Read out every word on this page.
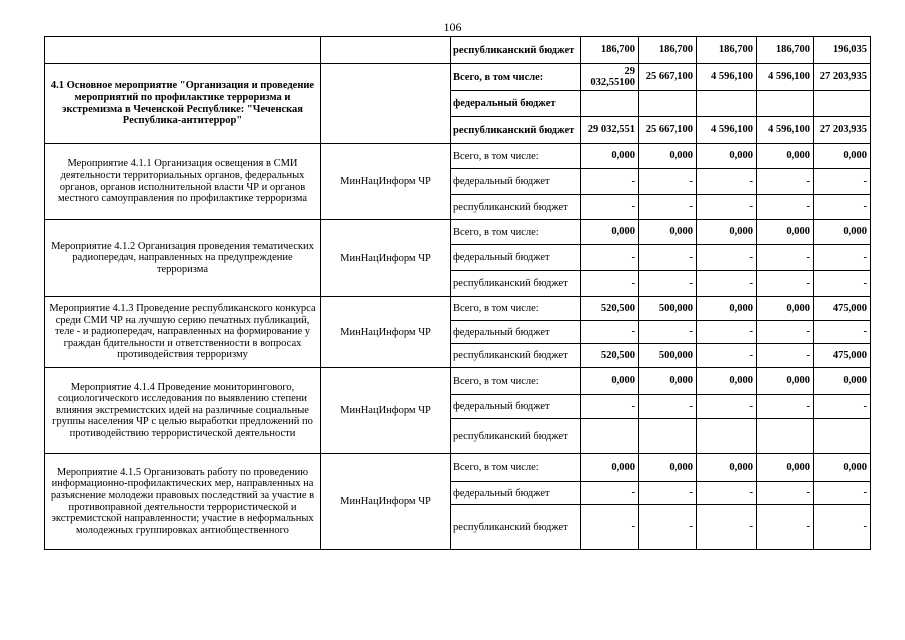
106
		республиканский бюджет	186,700	186,700	186,700	186,700	196,035
4.1 Основное мероприятие "Организация и проведение мероприятий по профилактике терроризма и экстремизма в Чеченской Республике: "Чеченская Республика-антитеррор"		Всего, в том числе:	29 032,55100	25 667,100	4 596,100	4 596,100	27 203,935
		федеральный бюджет					
		республиканский бюджет	29 032,551	25 667,100	4 596,100	4 596,100	27 203,935
Мероприятие 4.1.1 Организация освещения в СМИ деятельности территориальных органов, федеральных органов, органов исполнительной власти ЧР и органов местного самоуправления по профилактике терроризма	МинНацИнформ ЧР	Всего, в том числе:	0,000	0,000	0,000	0,000	0,000
		федеральный бюджет	-	-	-	-	-
		республиканский бюджет	-	-	-	-	-
Мероприятие 4.1.2 Организация проведения тематических радиопередач, направленных на предупреждение терроризма	МинНацИнформ ЧР	Всего, в том числе:	0,000	0,000	0,000	0,000	0,000
		федеральный бюджет	-	-	-	-	-
		республиканский бюджет	-	-	-	-	-
Мероприятие 4.1.3 Проведение республиканского конкурса среди СМИ ЧР на лучшую серию печатных публикаций, теле - и радиопередач, направленных на формирование у граждан бдительности и ответственности в вопросах противодействия терроризму	МинНацИнформ ЧР	Всего, в том числе:	520,500	500,000	0,000	0,000	475,000
		федеральный бюджет	-	-	-	-	-
		республиканский бюджет	520,500	500,000	-	-	475,000
Мероприятие 4.1.4 Проведение мониторингового, социологического исследования по выявлению степени влияния экстремистских идей на различные социальные группы населения ЧР с целью выработки предложений по противодействию террористической деятельности	МинНацИнформ ЧР	Всего, в том числе:	0,000	0,000	0,000	0,000	0,000
		федеральный бюджет	-	-	-	-	-
		республиканский бюджет					
Мероприятие 4.1.5 Организовать работу по проведению информационно-профилактических мер, направленных на разъяснение молодежи правовых последствий за участие в противоправной деятельности террористической и экстремистской направленности; участие в неформальных молодежных группировках антиобщественного	МинНацИнформ ЧР	Всего, в том числе:	0,000	0,000	0,000	0,000	0,000
		федеральный бюджет	-	-	-	-	-
		республиканский бюджет	-	-	-	-	-
